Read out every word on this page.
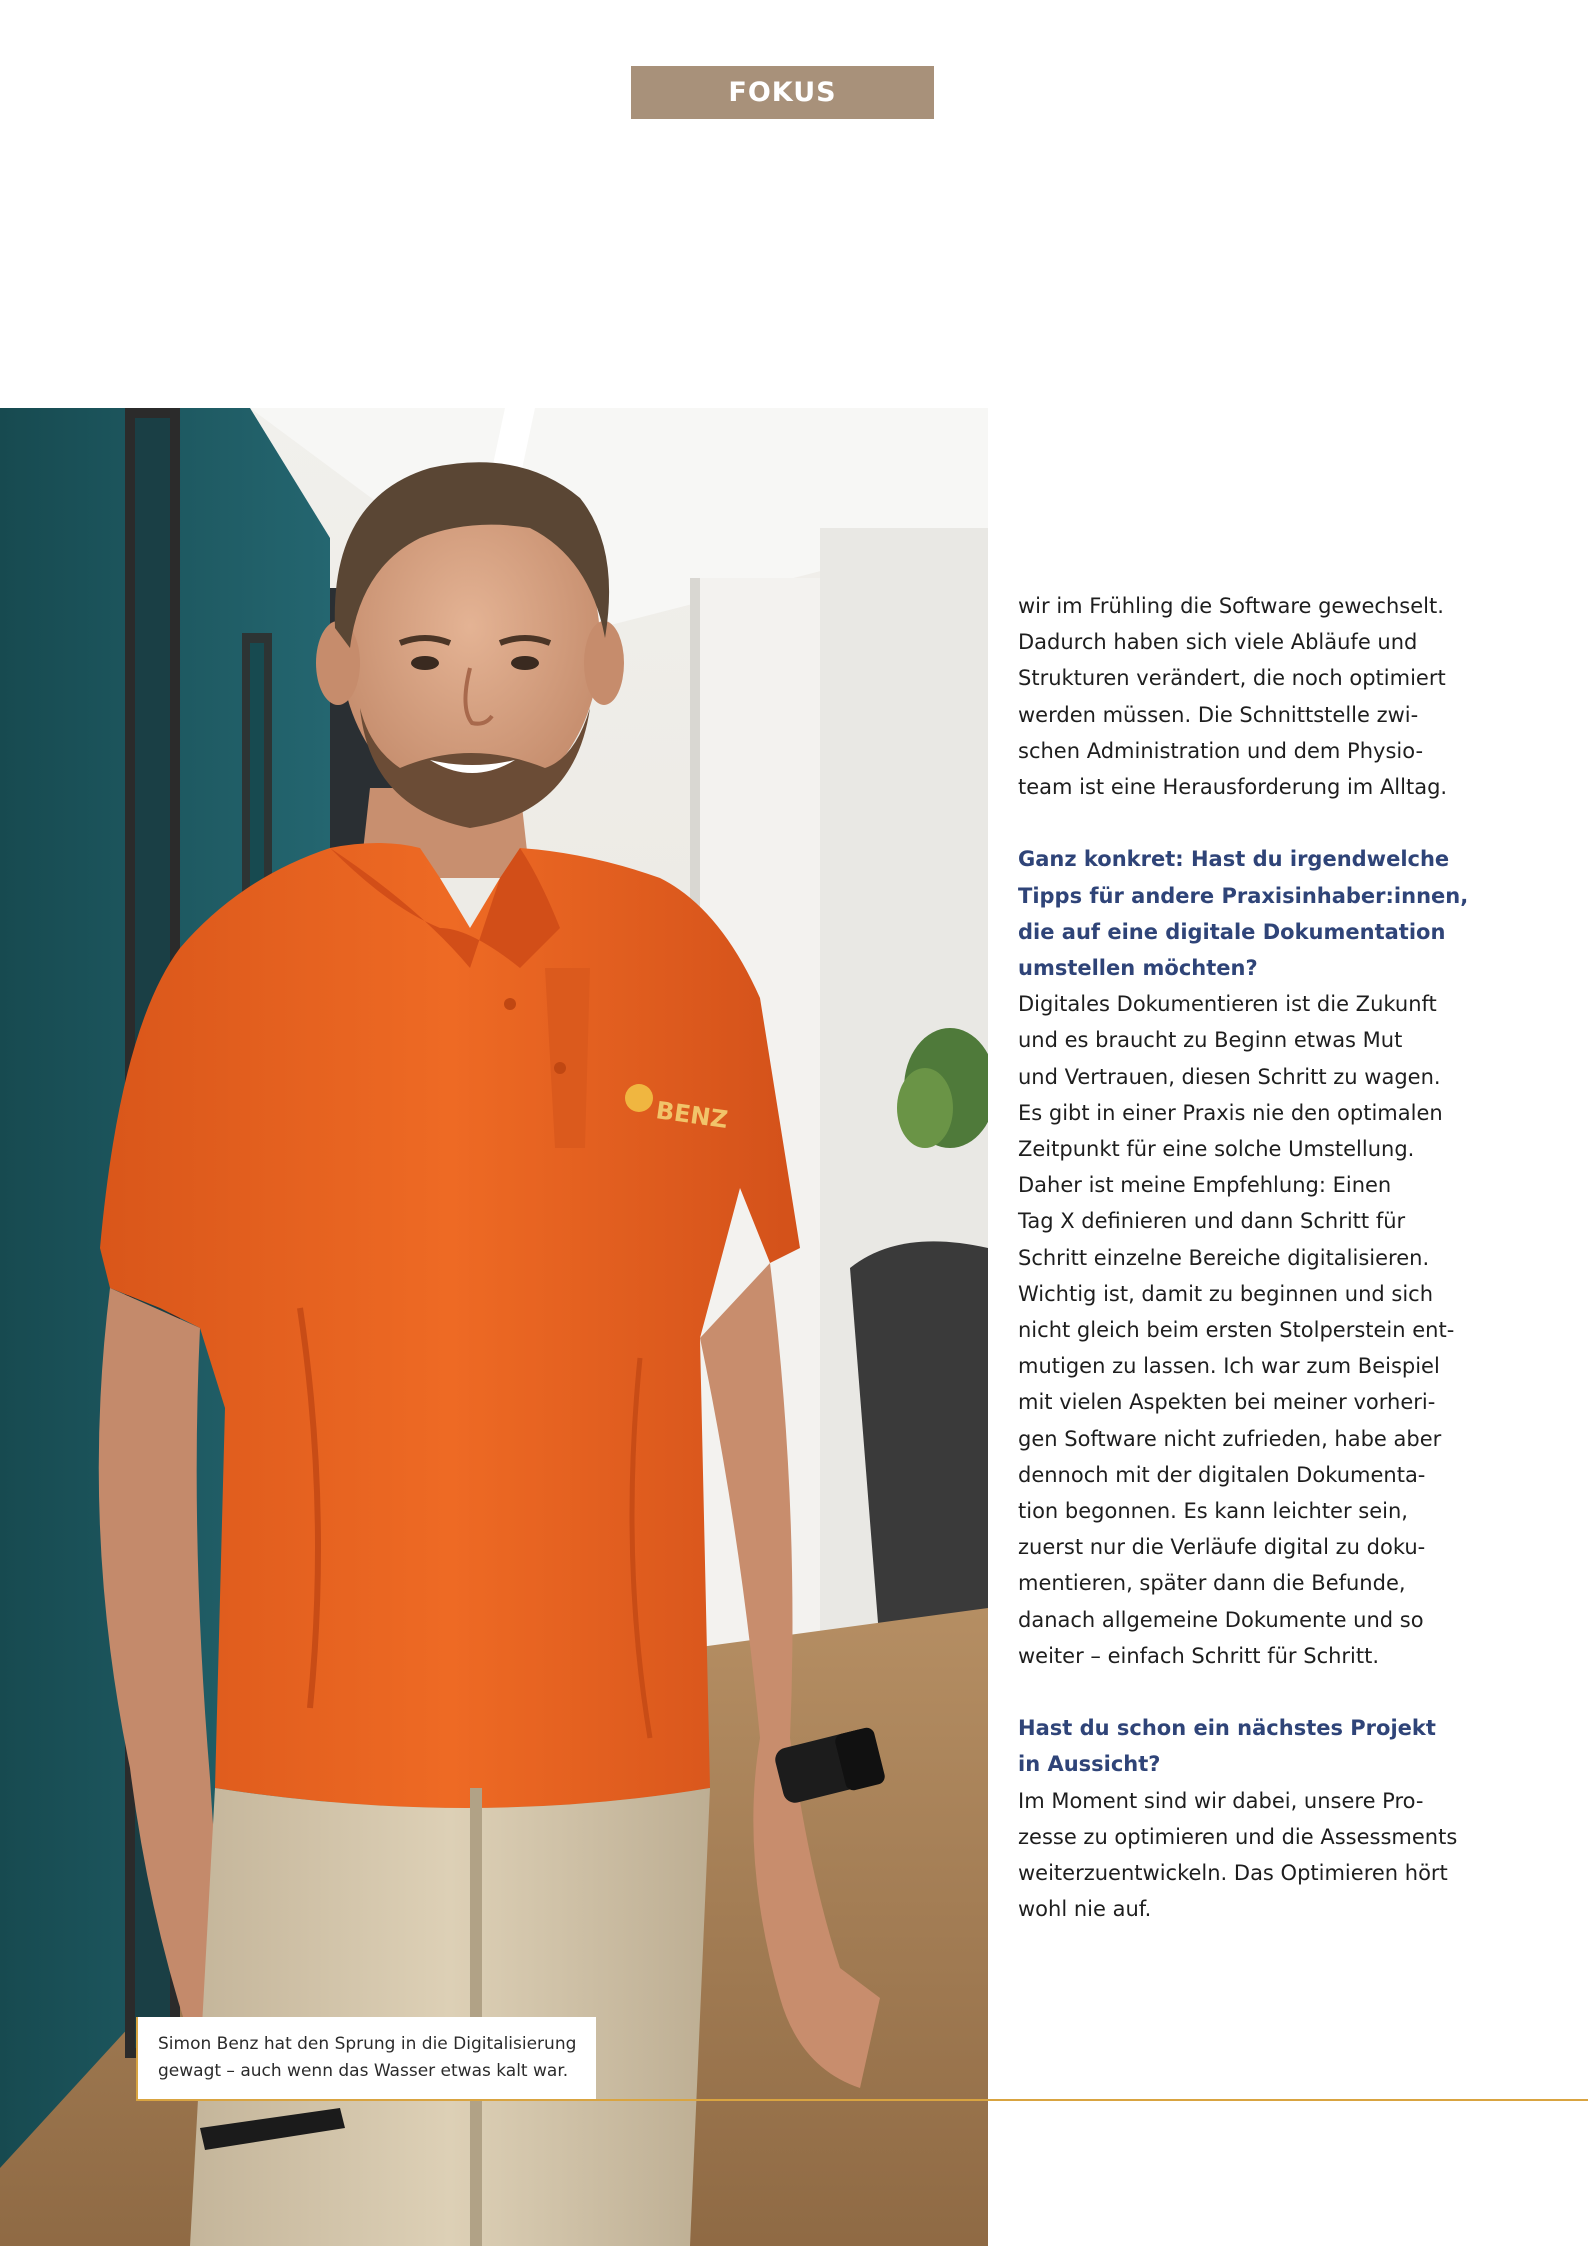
FOKUS
BENZ
Simon Benz hat den Sprung in die Digitalisierung
gewagt – auch wenn das Wasser etwas kalt war.
wir im Frühling die Software gewechselt.
Dadurch haben sich viele Abläufe und
Strukturen verändert, die noch optimiert
werden müssen. Die Schnittstelle zwi-
schen Administration und dem Physio-
team ist eine Herausforderung im Alltag.
Ganz konkret: Hast du irgendwelche
Tipps für andere Praxisinhaber:innen,
die auf eine digitale Dokumentation
umstellen möchten?
Digitales Dokumentieren ist die Zukunft
und es braucht zu Beginn etwas Mut
und Vertrauen, diesen Schritt zu wagen.
Es gibt in einer Praxis nie den optimalen
Zeitpunkt für eine solche Umstellung.
Daher ist meine Empfehlung: Einen
Tag X definieren und dann Schritt für
Schritt einzelne Bereiche digitalisieren.
Wichtig ist, damit zu beginnen und sich
nicht gleich beim ersten Stolperstein ent-
mutigen zu lassen. Ich war zum Beispiel
mit vielen Aspekten bei meiner vorheri-
gen Software nicht zufrieden, habe aber
dennoch mit der digitalen Dokumenta-
tion begonnen. Es kann leichter sein,
zuerst nur die Verläufe digital zu doku-
mentieren, später dann die Befunde,
danach allgemeine Dokumente und so
weiter – einfach Schritt für Schritt.
Hast du schon ein nächstes Projekt
in Aussicht?
Im Moment sind wir dabei, unsere Pro-
zesse zu optimieren und die Assessments
weiterzuentwickeln. Das Optimieren hört
wohl nie auf.
